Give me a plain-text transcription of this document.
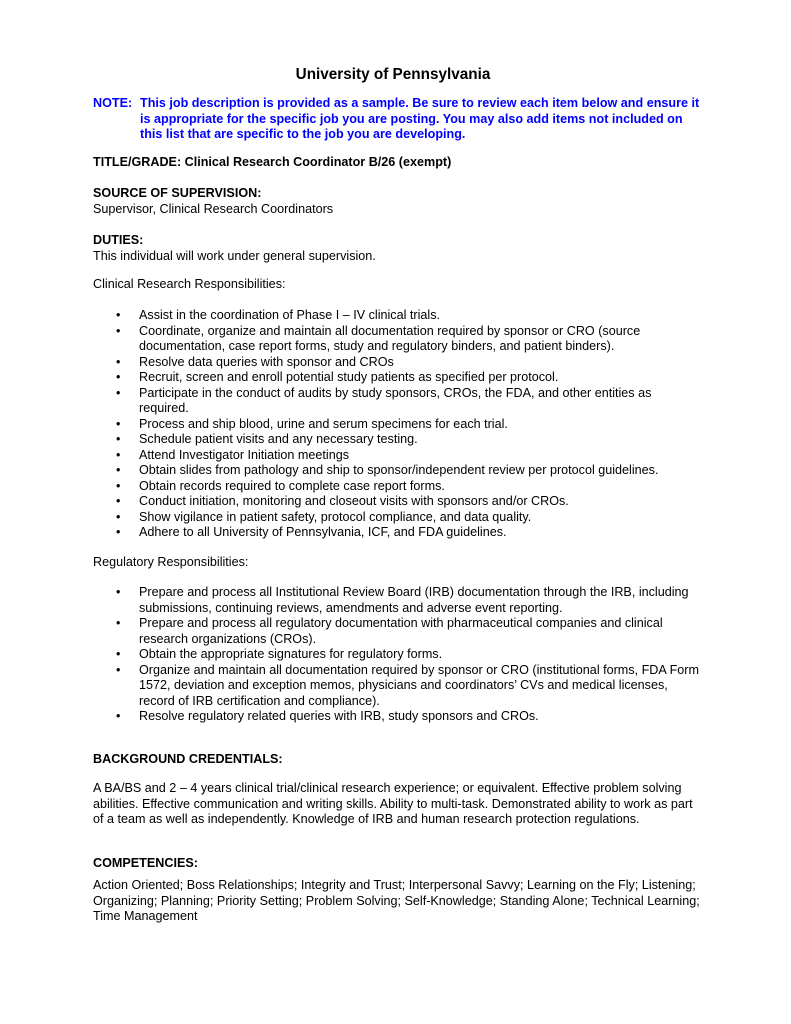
University of Pennsylvania
NOTE: This job description is provided as a sample. Be sure to review each item below and ensure it is appropriate for the specific job you are posting. You may also add items not included on this list that are specific to the job you are developing.
TITLE/GRADE: Clinical Research Coordinator B/26 (exempt)
SOURCE OF SUPERVISION:
Supervisor, Clinical Research Coordinators
DUTIES:
This individual will work under general supervision.
Clinical Research Responsibilities:
• Assist in the coordination of Phase I – IV clinical trials.
• Coordinate, organize and maintain all documentation required by sponsor or CRO (source documentation, case report forms, study and regulatory binders, and patient binders).
• Resolve data queries with sponsor and CROs
• Recruit, screen and enroll potential study patients as specified per protocol.
• Participate in the conduct of audits by study sponsors, CROs, the FDA, and other entities as required.
• Process and ship blood, urine and serum specimens for each trial.
• Schedule patient visits and any necessary testing.
• Attend Investigator Initiation meetings
• Obtain slides from pathology and ship to sponsor/independent review per protocol guidelines.
• Obtain records required to complete case report forms.
• Conduct initiation, monitoring and closeout visits with sponsors and/or CROs.
• Show vigilance in patient safety, protocol compliance, and data quality.
• Adhere to all University of Pennsylvania, ICF, and FDA guidelines.
Regulatory Responsibilities:
• Prepare and process all Institutional Review Board (IRB) documentation through the IRB, including submissions, continuing reviews, amendments and adverse event reporting.
• Prepare and process all regulatory documentation with pharmaceutical companies and clinical research organizations (CROs).
• Obtain the appropriate signatures for regulatory forms.
• Organize and maintain all documentation required by sponsor or CRO (institutional forms, FDA Form 1572, deviation and exception memos, physicians and coordinators’ CVs and medical licenses, record of IRB certification and compliance).
• Resolve regulatory related queries with IRB, study sponsors and CROs.
BACKGROUND CREDENTIALS:
A BA/BS and 2 – 4 years clinical trial/clinical research experience; or equivalent. Effective problem solving abilities. Effective communication and writing skills. Ability to multi-task. Demonstrated ability to work as part of a team as well as independently. Knowledge of IRB and human research protection regulations.
COMPETENCIES:
Action Oriented; Boss Relationships; Integrity and Trust; Interpersonal Savvy; Learning on the Fly; Listening; Organizing; Planning; Priority Setting; Problem Solving; Self-Knowledge; Standing Alone; Technical Learning; Time Management
